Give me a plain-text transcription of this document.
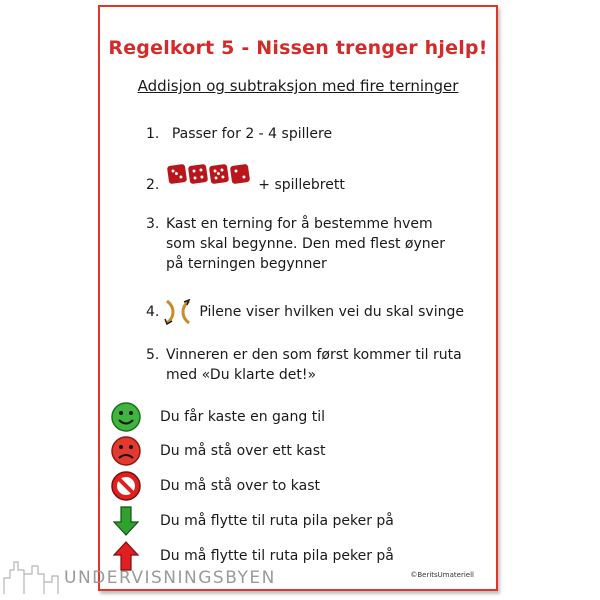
Regelkort 5 - Nissen trenger hjelp!
Addisjon og subtraksjon med fire terninger
1. Passer for 2 - 4 spillere
2.	+ spillebrett
3. Kast en terning for å bestemme hvem som skal begynne. Den med flest øyner på terningen begynner
4.	Pilene viser hvilken vei du skal svinge
5. Vinneren er den som først kommer til ruta med «Du klarte det!»
Du får kaste en gang til
Du må stå over ett kast
Du må stå over to kast
Du må flytte til ruta pila peker på
Du må flytte til ruta pila peker på
©BeritsUmateriell
UNDERVISNINGSBYEN
